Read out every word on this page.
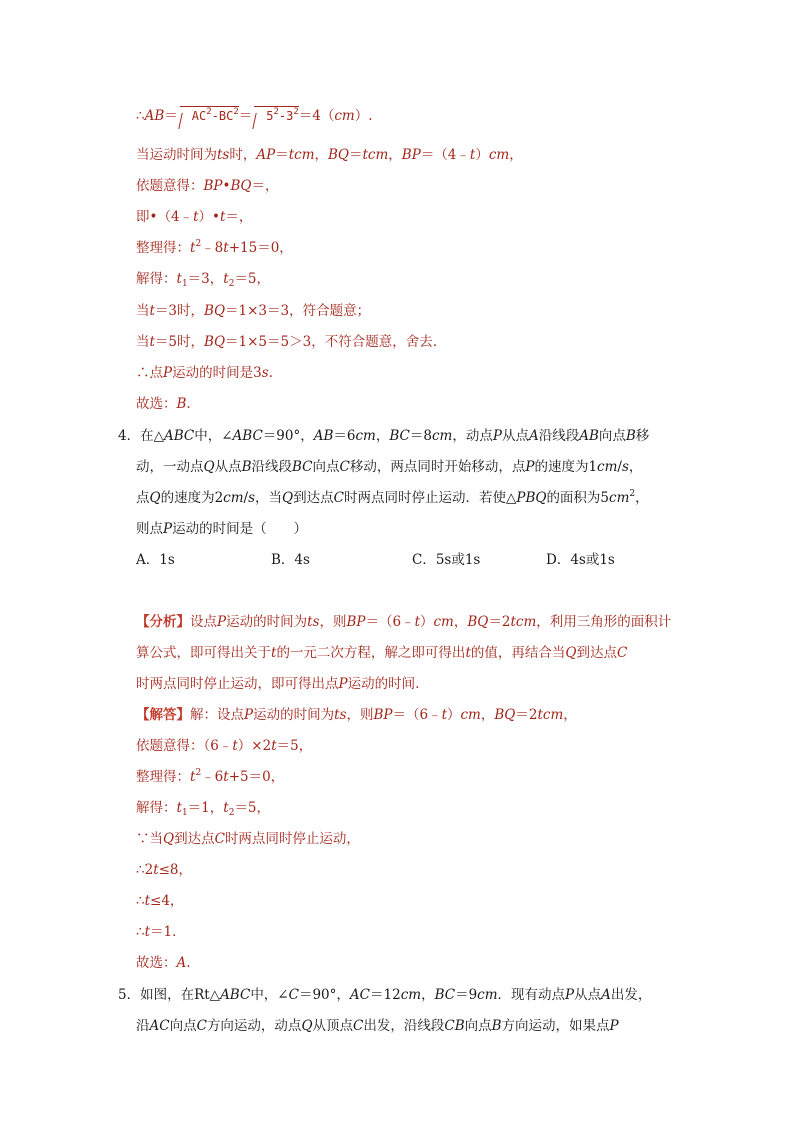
∴AB＝ $AC^2-BC^2= 5^2-3^2=4(cm)$.
当运动时间为ts时，AP＝tcm，BQ＝tcm，BP＝（4﹣t）cm，
依题意得：BP•BQ＝，
即•（4﹣t）•t＝，
整理得：$t^2﹣8t+15=0$，
解得：$t_1=3$，$t_2=5$，
当t＝3时，BQ＝1×3＝3，符合题意；
当t＝5时，BQ＝1×5＝5＞3，不符合题意，舍去.
∴点P运动的时间是3s.
故选：B.
4．在△ABC中，∠ABC＝90°，AB＝6cm，BC＝8cm，动点P从点A沿线段AB向点B移
动，一动点Q从点B沿线段BC向点C移动，两点同时开始移动，点P的速度为1cm/s，
点Q的速度为2cm/s，当Q到达点C时两点同时停止运动．若使△PBQ的面积为$5cm^2$，
则点P运动的时间是（　　）
A．1s	B．4s	C．5s或1s	D．4s或1s
【分析】设点P运动的时间为ts，则BP＝（6﹣t）cm，BQ＝2tcm，利用三角形的面积计
算公式，即可得出关于t的一元二次方程，解之即可得出t的值，再结合当Q到达点C
时两点同时停止运动，即可得出点P运动的时间.
【解答】解：设点P运动的时间为ts，则BP＝（6﹣t）cm，BQ＝2tcm，
依题意得：（6﹣t）×2t＝5，
整理得：$t^2﹣6t+5=0$，
解得：$t_1=1$，$t_2=5$，
∵当Q到达点C时两点同时停止运动，
∴2t≤8，
∴t≤4，
∴t＝1．
故选：A.
5．如图，在Rt△ABC中，∠C＝90°，AC＝12cm，BC＝9cm．现有动点P从点A出发，
沿AC向点C方向运动，动点Q从顶点C出发，沿线段CB向点B方向运动，如果点P
